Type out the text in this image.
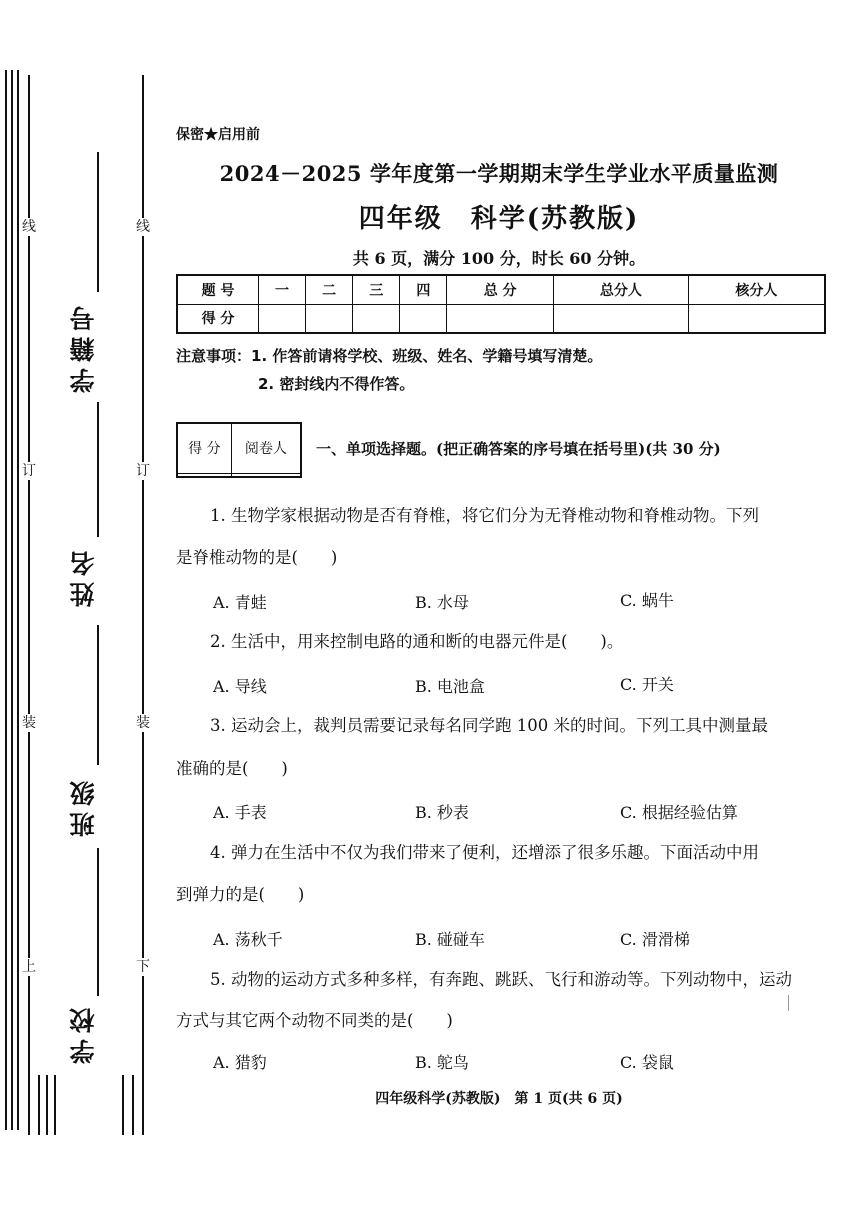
线
订
装
上
线
订
装
下
学籍号
姓名
班级
学校
保密★启用前
2024－2025 学年度第一学期期末学生学业水平质量监测
四年级　科学(苏教版)
共 6 页，满分 100 分，时长 60 分钟。
题 号	一	二	三	四	总 分	总分人	核分人
得 分							
注意事项：1. 作答前请将学校、班级、姓名、学籍号填写清楚。
2. 密封线内不得作答。
得 分	阅卷人
	一、单项选择题。(把正确答案的序号填在括号里)(共 30 分)
1. 生物学家根据动物是否有脊椎，将它们分为无脊椎动物和脊椎动物。下列
是脊椎动物的是(　　)
A. 青蛙	B. 水母	C. 蜗牛
2. 生活中，用来控制电路的通和断的电器元件是(　　)。
A. 导线	B. 电池盒	C. 开关
3. 运动会上，裁判员需要记录每名同学跑 100 米的时间。下列工具中测量最
准确的是(　　)
A. 手表	B. 秒表	C. 根据经验估算
4. 弹力在生活中不仅为我们带来了便利，还增添了很多乐趣。下面活动中用
到弹力的是(　　)
A. 荡秋千	B. 碰碰车	C. 滑滑梯
5. 动物的运动方式多种多样，有奔跑、跳跃、飞行和游动等。下列动物中，运动
方式与其它两个动物不同类的是(　　)
A. 猎豹	B. 鸵鸟	C. 袋鼠
四年级科学(苏教版)　第 1 页(共 6 页)
